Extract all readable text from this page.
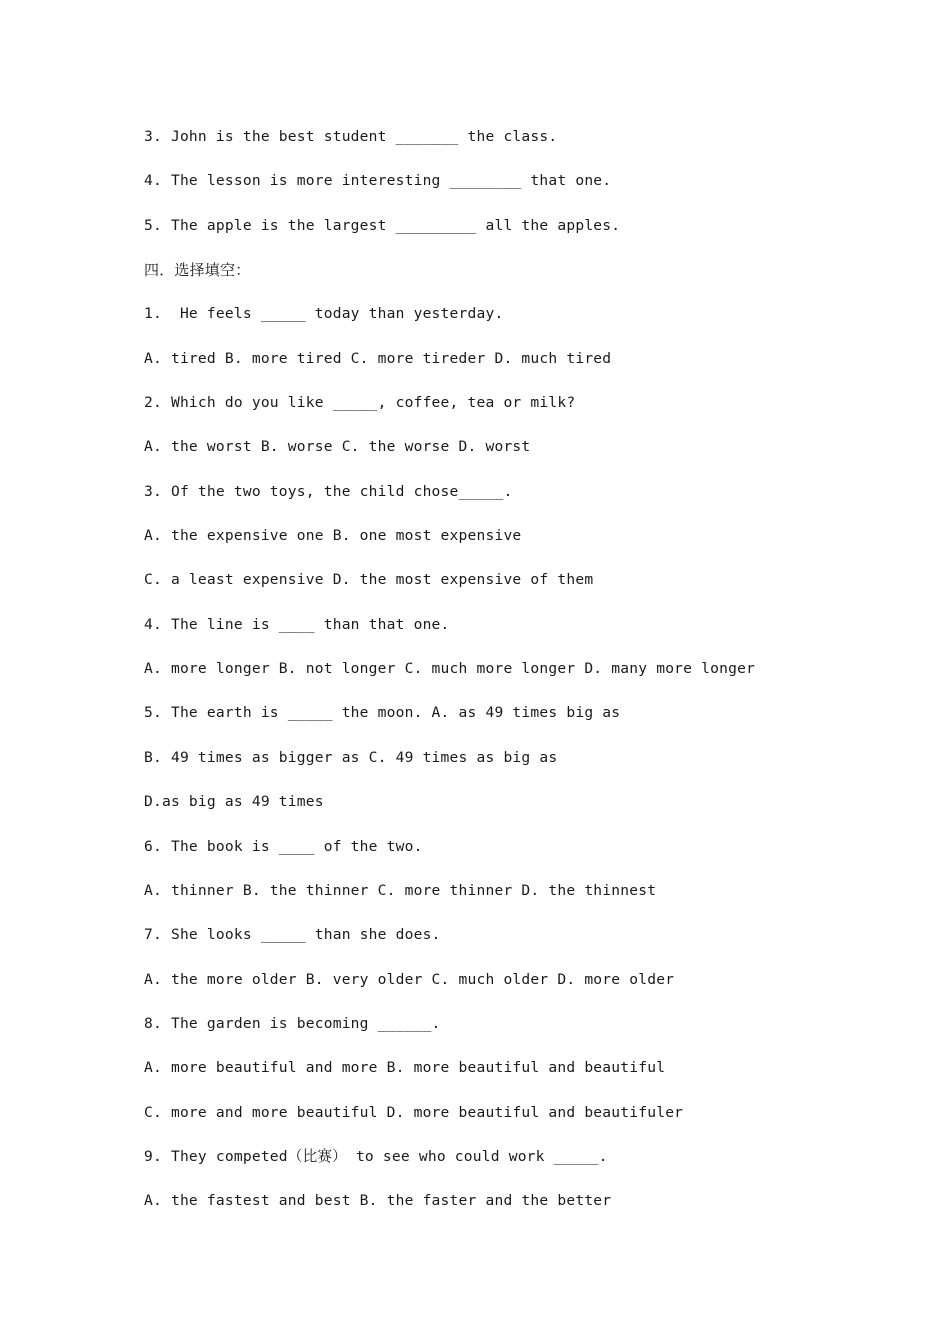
3. John is the best student _______ the class.
4. The lesson is more interesting ________ that one.
5. The apple is the largest _________ all the apples.
四．选择填空：
1.  He feels _____ today than yesterday.
A. tired B. more tired C. more tireder D. much tired
2. Which do you like _____, coffee, tea or milk?
A. the worst B. worse C. the worse D. worst
3. Of the two toys, the child chose_____.
A. the expensive one B. one most expensive
C. a least expensive D. the most expensive of them
4. The line is ____ than that one.
A. more longer B. not longer C. much more longer D. many more longer
5. The earth is _____ the moon. A. as 49 times big as
B. 49 times as bigger as C. 49 times as big as
D.as big as 49 times
6. The book is ____ of the two.
A. thinner B. the thinner C. more thinner D. the thinnest
7. She looks _____ than she does.
A. the more older B. very older C. much older D. more older
8. The garden is becoming ______.
A. more beautiful and more B. more beautiful and beautiful
C. more and more beautiful D. more beautiful and beautifuler
9. They competed（比赛） to see who could work _____.
A. the fastest and best B. the faster and the better
